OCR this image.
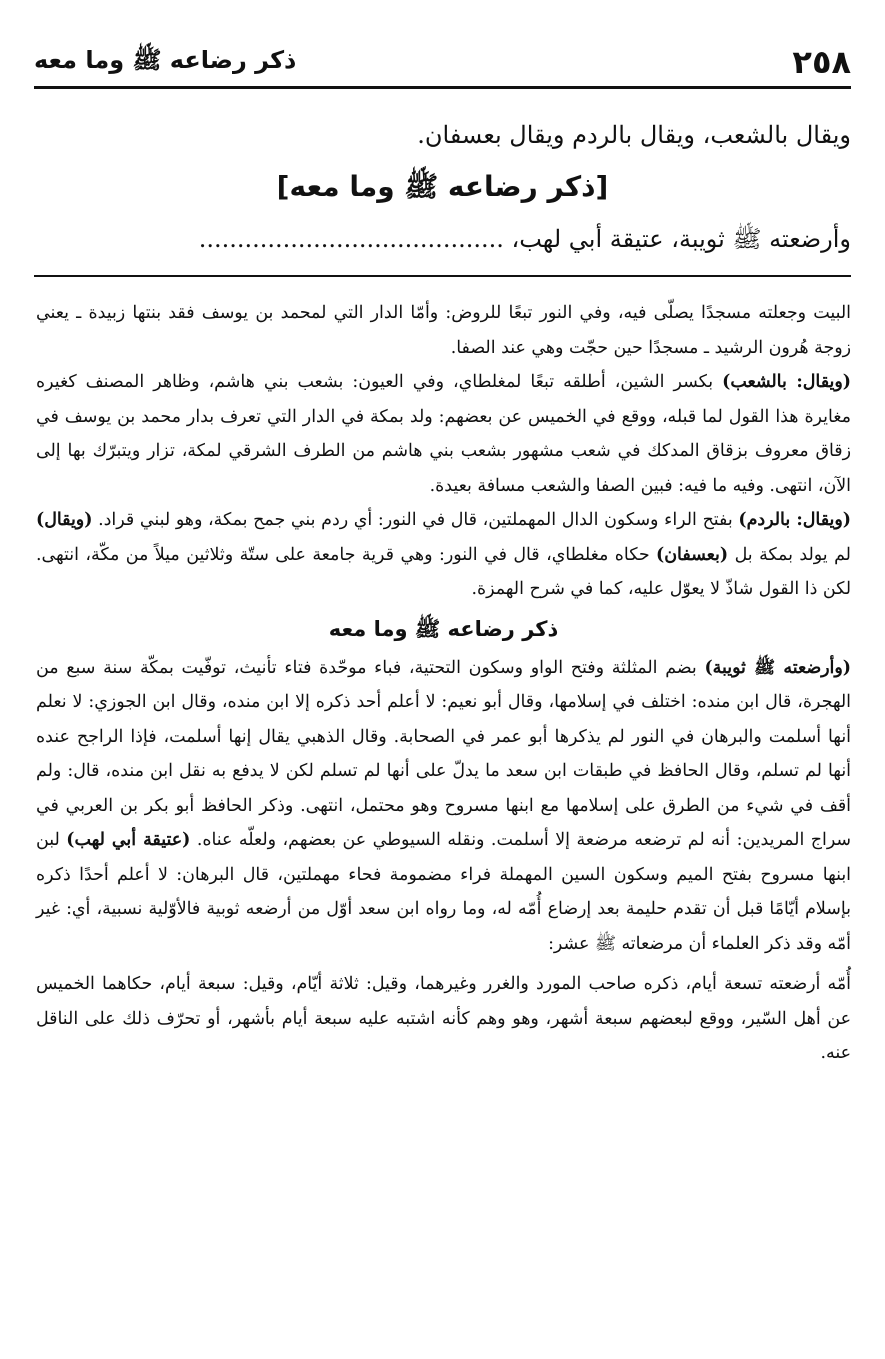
٢٥٨
ذكر رضاعه ﷺ وما معه
ويقال بالشعب، ويقال بالردم ويقال بعسفان.
[ذكر رضاعه ﷺ وما معه]
وأرضعته ﷺ ثويبة، عتيقة أبي لهب، ........................................

البيت وجعلته مسجدًا يصلّى فيه، وفي النور تبعًا للروض: وأمّا الدار التي لمحمد بن يوسف فقد بنتها زبيدة ـ يعني زوجة هُرون الرشيد ـ مسجدًا حين حجّت وهي عند الصفا.

(ويقال: بالشعب) بكسر الشين، أطلقه تبعًا لمغلطاي، وفي العيون: بشعب بني هاشم، وظاهر المصنف كغيره مغايرة هذا القول لما قبله، ووقع في الخميس عن بعضهم: ولد بمكة في الدار التي تعرف بدار محمد بن يوسف في زقاق معروف بزقاق المدكك في شعب مشهور بشعب بني هاشم من الطرف الشرقي لمكة، تزار ويتبرّك بها إلى الآن، انتهى. وفيه ما فيه: فبين الصفا والشعب مسافة بعيدة.

(ويقال: بالردم) بفتح الراء وسكون الدال المهملتين، قال في النور: أي ردم بني جمح بمكة، وهو لبني قراد. (ويقال) لم يولد بمكة بل (بعسفان) حكاه مغلطاي، قال في النور: وهي قرية جامعة على ستّة وثلاثين ميلاً من مكّة، انتهى. لكن ذا القول شاذّ لا يعوّل عليه، كما في شرح الهمزة.

ذكر رضاعه ﷺ وما معه

(وأرضعته ﷺ ثويبة) بضم المثلثة وفتح الواو وسكون التحتية، فباء موحّدة فتاء تأنيث، توفّيت بمكّة سنة سبع من الهجرة، قال ابن منده: اختلف في إسلامها، وقال أبو نعيم: لا أعلم أحد ذكره إلا ابن منده، وقال ابن الجوزي: لا نعلم أنها أسلمت والبرهان في النور لم يذكرها أبو عمر في الصحابة. وقال الذهبي يقال إنها أسلمت، فإذا الراجح عنده أنها لم تسلم، وقال الحافظ في طبقات ابن سعد ما يدلّ على أنها لم تسلم لكن لا يدفع به نقل ابن منده، قال: ولم أقف في شيء من الطرق على إسلامها مع ابنها مسروح وهو محتمل، انتهى. وذكر الحافظ أبو بكر بن العربي في سراج المريدين: أنه لم ترضعه مرضعة إلا أسلمت. ونقله السيوطي عن بعضهم، ولعلّه عناه. (عتيقة أبي لهب) لبن ابنها مسروح بفتح الميم وسكون السين المهملة فراء مضمومة فحاء مهملتين، قال البرهان: لا أعلم أحدًا ذكره بإسلام أيّامًا قبل أن تقدم حليمة بعد إرضاع أُمّه له، وما رواه ابن سعد أوّل من أرضعه ثوبية فالأوّلية نسبية، أي: غير أمّه وقد ذكر العلماء أن مرضعاته ﷺ عشر:

أُمّه أرضعته تسعة أيام، ذكره صاحب المورد والغرر وغيرهما، وقيل: ثلاثة أيّام، وقيل: سبعة أيام، حكاهما الخميس عن أهل السّير، ووقع لبعضهم سبعة أشهر، وهو وهم كأنه اشتبه عليه سبعة أيام بأشهر، أو تحرّف ذلك على الناقل عنه.
